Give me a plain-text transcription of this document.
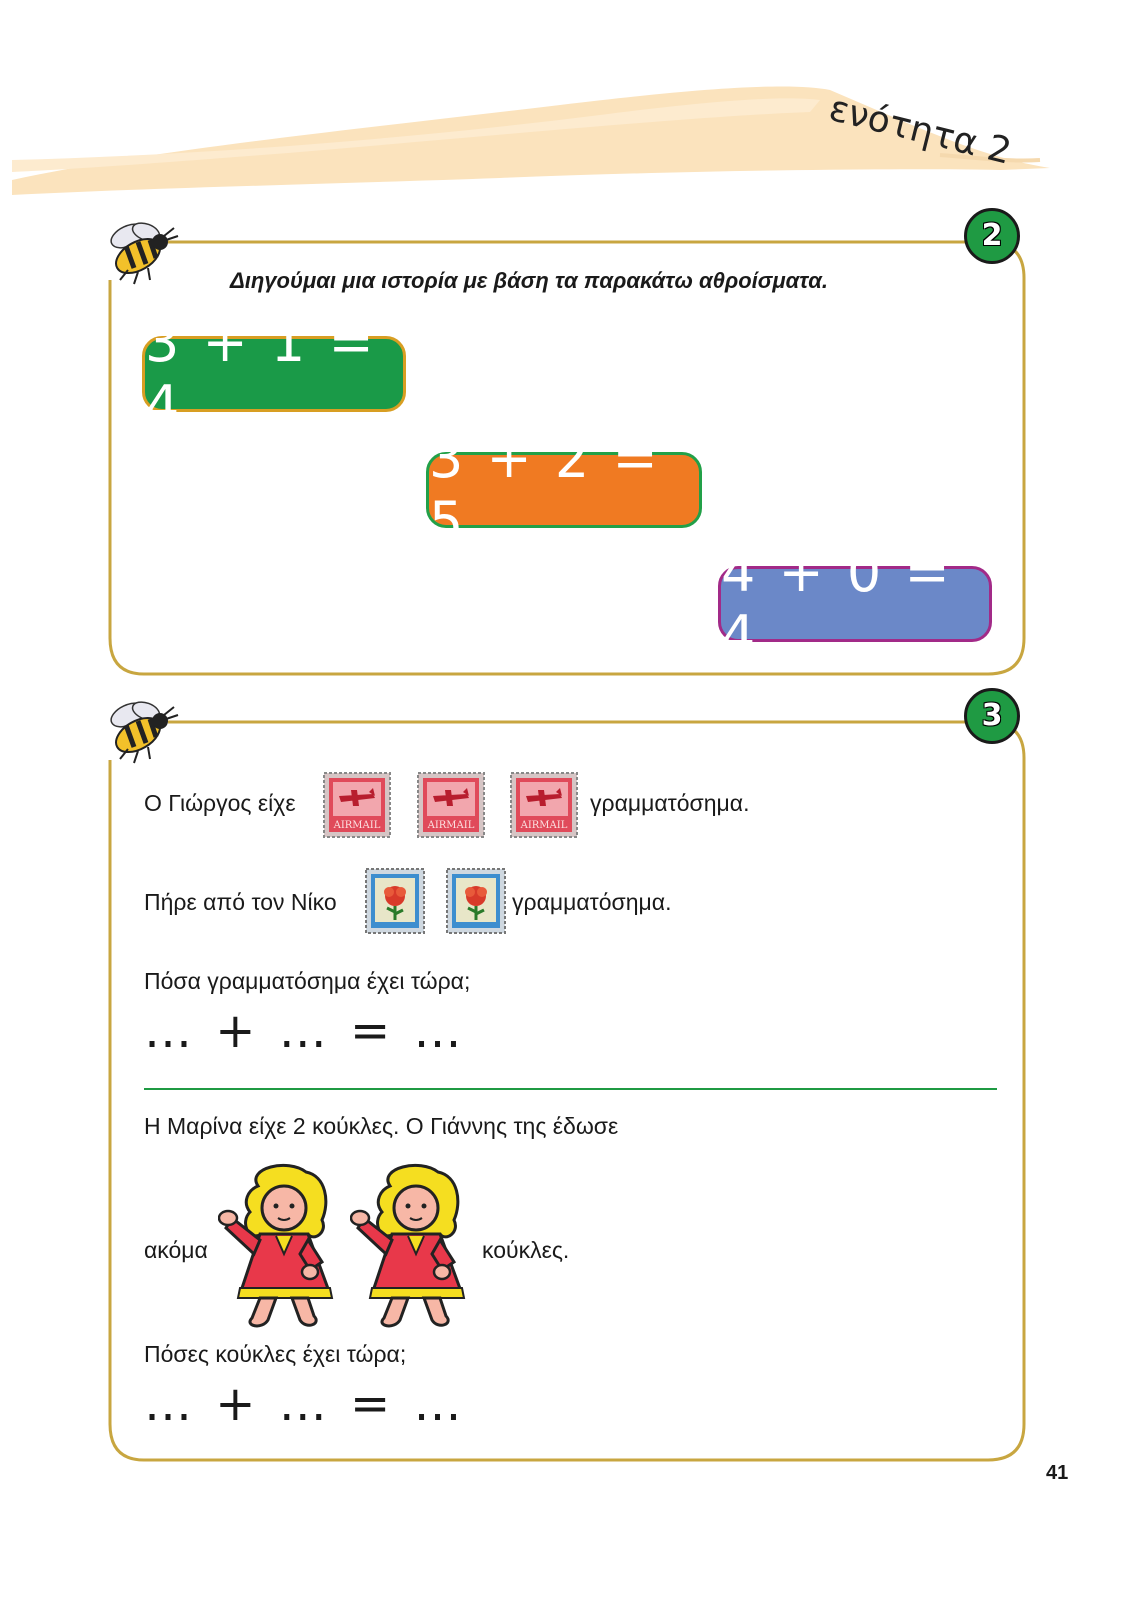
ενότητα 2
2
Διηγούμαι μια ιστορία με βάση τα παρακάτω αθροίσματα.
3 + 1 = 4
3 + 2 = 5
4 + 0 = 4
3
Ο Γιώργος είχε
AIRMAIL	AIRMAIL	AIRMAIL
γραμματόσημα.
Πήρε από τον Νίκο	γραμματόσημα.
Πόσα γραμματόσημα έχει τώρα;
… + … = …
Η Μαρίνα είχε 2 κούκλες. Ο Γιάννης της έδωσε
ακόμα	κούκλες.
Πόσες κούκλες έχει τώρα;
… + … = …
41
